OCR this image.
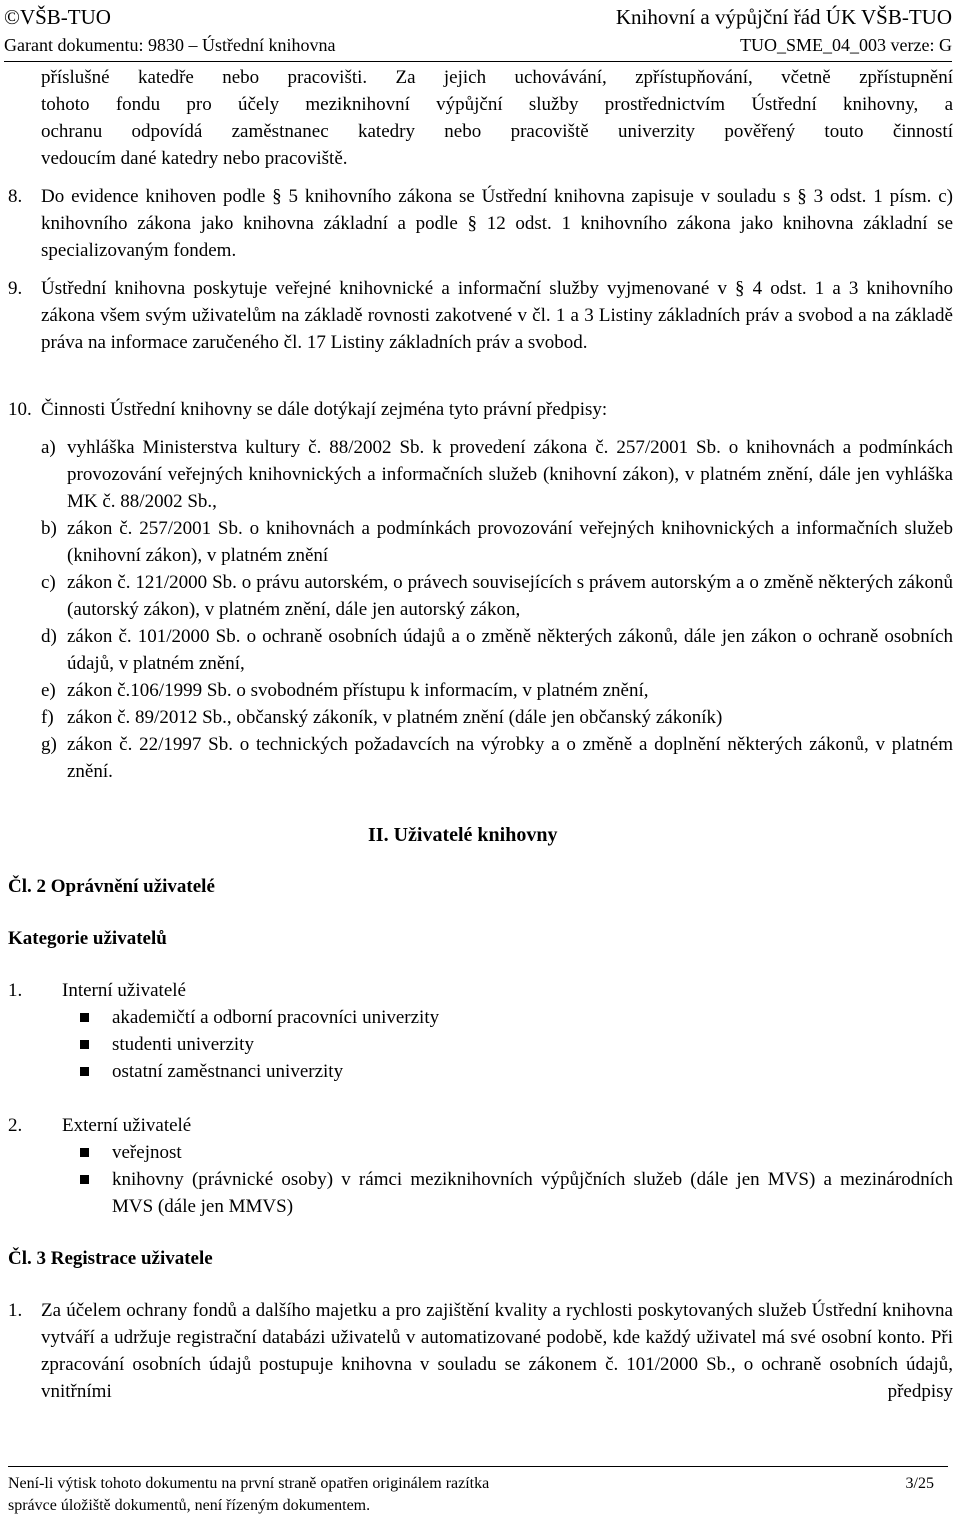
©VŠB-TUO	Knihovní a výpůjční řád ÚK VŠB-TUO
Garant dokumentu: 9830 – Ústřední knihovna	TUO_SME_04_003 verze: G
příslušné katedře nebo pracovišti. Za jejich uchovávání, zpřístupňování, včetně zpřístupnění
tohoto fondu pro účely meziknihovní výpůjční služby prostřednictvím Ústřední knihovny, a
ochranu odpovídá zaměstnanec katedry nebo pracoviště univerzity pověřený touto činností
vedoucím dané katedry nebo pracoviště.
8. Do evidence knihoven podle § 5 knihovního zákona se Ústřední knihovna zapisuje v souladu s § 3 odst. 1 písm. c) knihovního zákona jako knihovna základní a podle § 12 odst. 1 knihovního zákona jako knihovna základní se specializovaným fondem.
9. Ústřední knihovna poskytuje veřejné knihovnické a informační služby vyjmenované v § 4 odst. 1 a 3 knihovního zákona všem svým uživatelům na základě rovnosti zakotvené v čl. 1 a 3 Listiny základních práv a svobod a na základě práva na informace zaručeného čl. 17 Listiny základních práv a svobod.
10. Činnosti Ústřední knihovny se dále dotýkají zejména tyto právní předpisy:
a) vyhláška Ministerstva kultury č. 88/2002 Sb. k provedení zákona č. 257/2001 Sb. o knihovnách a podmínkách provozování veřejných knihovnických a informačních služeb (knihovní zákon), v platném znění, dále jen vyhláška MK č. 88/2002 Sb.,
b) zákon č. 257/2001 Sb. o knihovnách a podmínkách provozování veřejných knihovnických a informačních služeb (knihovní zákon), v platném znění
c) zákon č. 121/2000 Sb. o právu autorském, o právech souvisejících s právem autorským a o změně některých zákonů (autorský zákon), v platném znění, dále jen autorský zákon,
d) zákon č. 101/2000 Sb. o ochraně osobních údajů a o změně některých zákonů, dále jen zákon o ochraně osobních údajů, v platném znění,
e) zákon č.106/1999 Sb. o svobodném přístupu k informacím, v platném znění,
f) zákon č. 89/2012 Sb., občanský zákoník, v platném znění (dále jen občanský zákoník)
g) zákon č. 22/1997 Sb. o technických požadavcích na výrobky a o změně a doplnění některých zákonů, v platném znění.
II. Uživatelé knihovny
Čl. 2 Oprávnění uživatelé
Kategorie uživatelů
1. Interní uživatelé
akademičtí a odborní pracovníci univerzity
studenti univerzity
ostatní zaměstnanci univerzity
2. Externí uživatelé
veřejnost
knihovny (právnické osoby) v rámci meziknihovních výpůjčních služeb (dále jen MVS) a mezinárodních MVS (dále jen MMVS)
Čl. 3 Registrace uživatele
1. Za účelem ochrany fondů a dalšího majetku a pro zajištění kvality a rychlosti poskytovaných služeb Ústřední knihovna vytváří a udržuje registrační databázi uživatelů v automatizované podobě, kde každý uživatel má své osobní konto. Při zpracování osobních údajů postupuje knihovna v souladu se zákonem č. 101/2000 Sb., o ochraně osobních údajů, vnitřními předpisy
Není-li výtisk tohoto dokumentu na první straně opatřen originálem razítka
správce úložiště dokumentů, není řízeným dokumentem.
3/25
